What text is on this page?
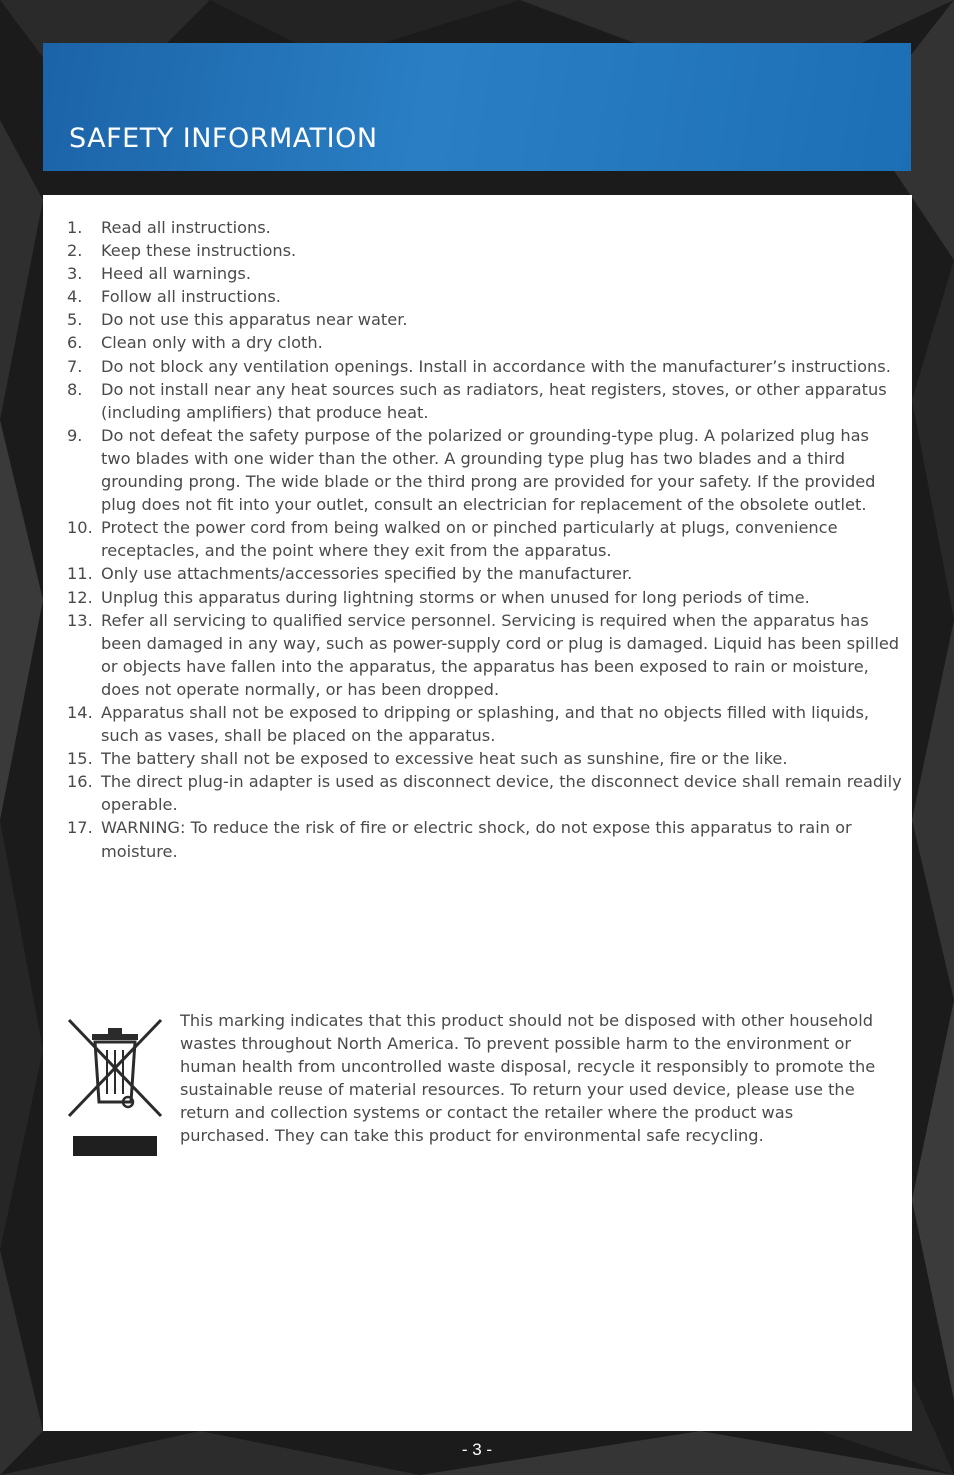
SAFETY INFORMATION
1. Read all instructions.
2. Keep these instructions.
3. Heed all warnings.
4. Follow all instructions.
5. Do not use this apparatus near water.
6. Clean only with a dry cloth.
7. Do not block any ventilation openings. Install in accordance with the manufacturer’s instructions.
8. Do not install near any heat sources such as radiators, heat registers, stoves, or other apparatus (including amplifiers) that produce heat.
9. Do not defeat the safety purpose of the polarized or grounding-type plug. A polarized plug has two blades with one wider than the other. A grounding type plug has two blades and a third grounding prong. The wide blade or the third prong are provided for your safety. If the provided plug does not fit into your outlet, consult an electrician for replacement of the obsolete outlet.
10. Protect the power cord from being walked on or pinched particularly at plugs, convenience receptacles, and the point where they exit from the apparatus.
11. Only use attachments/accessories specified by the manufacturer.
12. Unplug this apparatus during lightning storms or when unused for long periods of time.
13. Refer all servicing to qualified service personnel. Servicing is required when the apparatus has been damaged in any way, such as power-supply cord or plug is damaged. Liquid has been spilled or objects have fallen into the apparatus, the apparatus has been exposed to rain or moisture, does not operate normally, or has been dropped.
14. Apparatus shall not be exposed to dripping or splashing, and that no objects filled with liquids, such as vases, shall be placed on the apparatus.
15. The battery shall not be exposed to excessive heat such as sunshine, fire or the like.
16. The direct plug-in adapter is used as disconnect device, the disconnect device shall remain readily operable.
17. WARNING: To reduce the risk of fire or electric shock, do not expose this apparatus to rain or moisture.
This marking indicates that this product should not be disposed with other household wastes throughout North America. To prevent possible harm to the environment or human health from uncontrolled waste disposal, recycle it responsibly to promote the sustainable reuse of material resources. To return your used device, please use the return and collection systems or contact the retailer where the product was purchased. They can take this product for environmental safe recycling.
- 3 -
